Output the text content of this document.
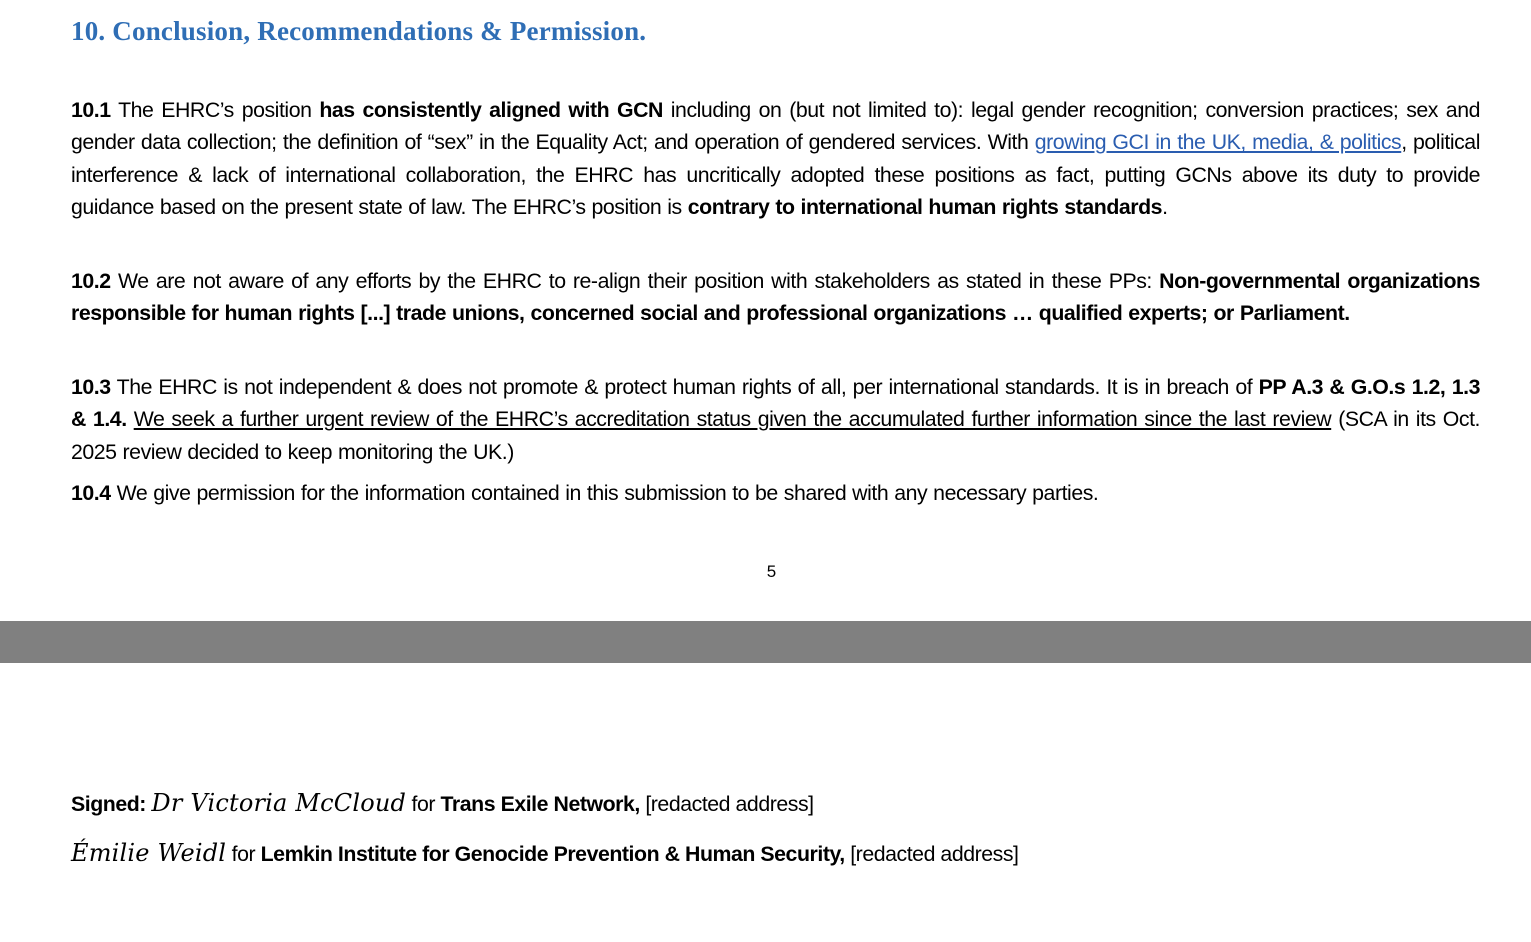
10. Conclusion, Recommendations & Permission.

10.1 The EHRC’s position has consistently aligned with GCN including on (but not limited to): legal gender recognition; conversion practices; sex and gender data collection; the definition of “sex” in the Equality Act; and operation of gendered services. With growing GCI in the UK, media, & politics, political interference & lack of international collaboration, the EHRC has uncritically adopted these positions as fact, putting GCNs above its duty to provide guidance based on the present state of law. The EHRC’s position is contrary to international human rights standards.

10.2 We are not aware of any efforts by the EHRC to re-align their position with stakeholders as stated in these PPs: Non-governmental organizations responsible for human rights [...] trade unions, concerned social and professional organizations … qualified experts; or Parliament.

10.3 The EHRC is not independent & does not promote & protect human rights of all, per international standards. It is in breach of PP A.3 & G.O.s 1.2, 1.3 & 1.4. We seek a further urgent review of the EHRC’s accreditation status given the accumulated further information since the last review (SCA in its Oct. 2025 review decided to keep monitoring the UK.)

10.4 We give permission for the information contained in this submission to be shared with any necessary parties.

5
Signed: Dr Victoria McCloud for Trans Exile Network, [redacted address]
Émilie Weidl for Lemkin Institute for Genocide Prevention & Human Security, [redacted address]
